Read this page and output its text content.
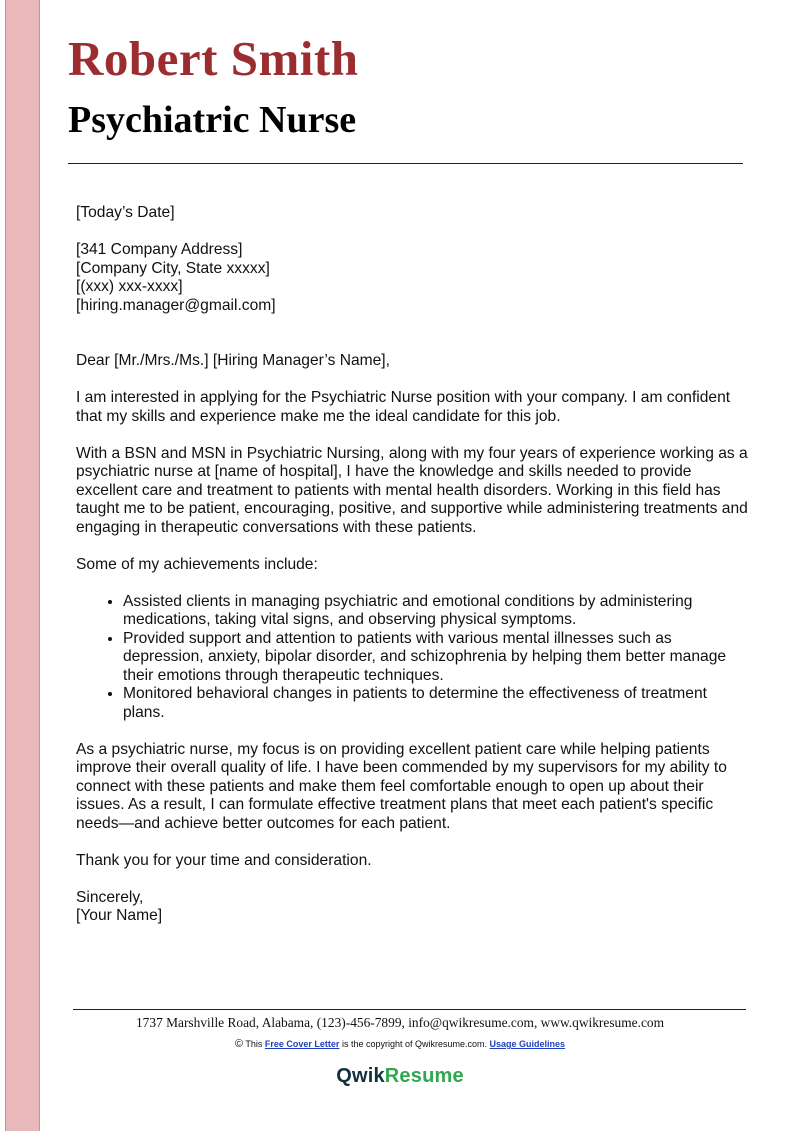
Robert Smith
Psychiatric Nurse

[Today’s Date]

[341 Company Address]

[Company City, State xxxxx]

[(xxx) xxx-xxxx]

[hiring.manager@gmail.com]

Dear [Mr./Mrs./Ms.] [Hiring Manager’s Name],

I am interested in applying for the Psychiatric Nurse position with your company. I am confident that my skills and experience make me the ideal candidate for this job.

With a BSN and MSN in Psychiatric Nursing, along with my four years of experience working as a psychiatric nurse at [name of hospital], I have the knowledge and skills needed to provide excellent care and treatment to patients with mental health disorders. Working in this field has taught me to be patient, encouraging, positive, and supportive while administering treatments and engaging in therapeutic conversations with these patients.

Some of my achievements include:

• Assisted clients in managing psychiatric and emotional conditions by administering medications, taking vital signs, and observing physical symptoms.
• Provided support and attention to patients with various mental illnesses such as depression, anxiety, bipolar disorder, and schizophrenia by helping them better manage their emotions through therapeutic techniques.
• Monitored behavioral changes in patients to determine the effectiveness of treatment plans.

As a psychiatric nurse, my focus is on providing excellent patient care while helping patients improve their overall quality of life. I have been commended by my supervisors for my ability to connect with these patients and make them feel comfortable enough to open up about their issues. As a result, I can formulate effective treatment plans that meet each patient's specific needs—and achieve better outcomes for each patient.

Thank you for your time and consideration.

Sincerely,

[Your Name]

1737 Marshville Road, Alabama, (123)-456-7899, info@qwikresume.com, www.qwikresume.com
© This Free Cover Letter is the copyright of Qwikresume.com. Usage Guidelines
QwikResume
